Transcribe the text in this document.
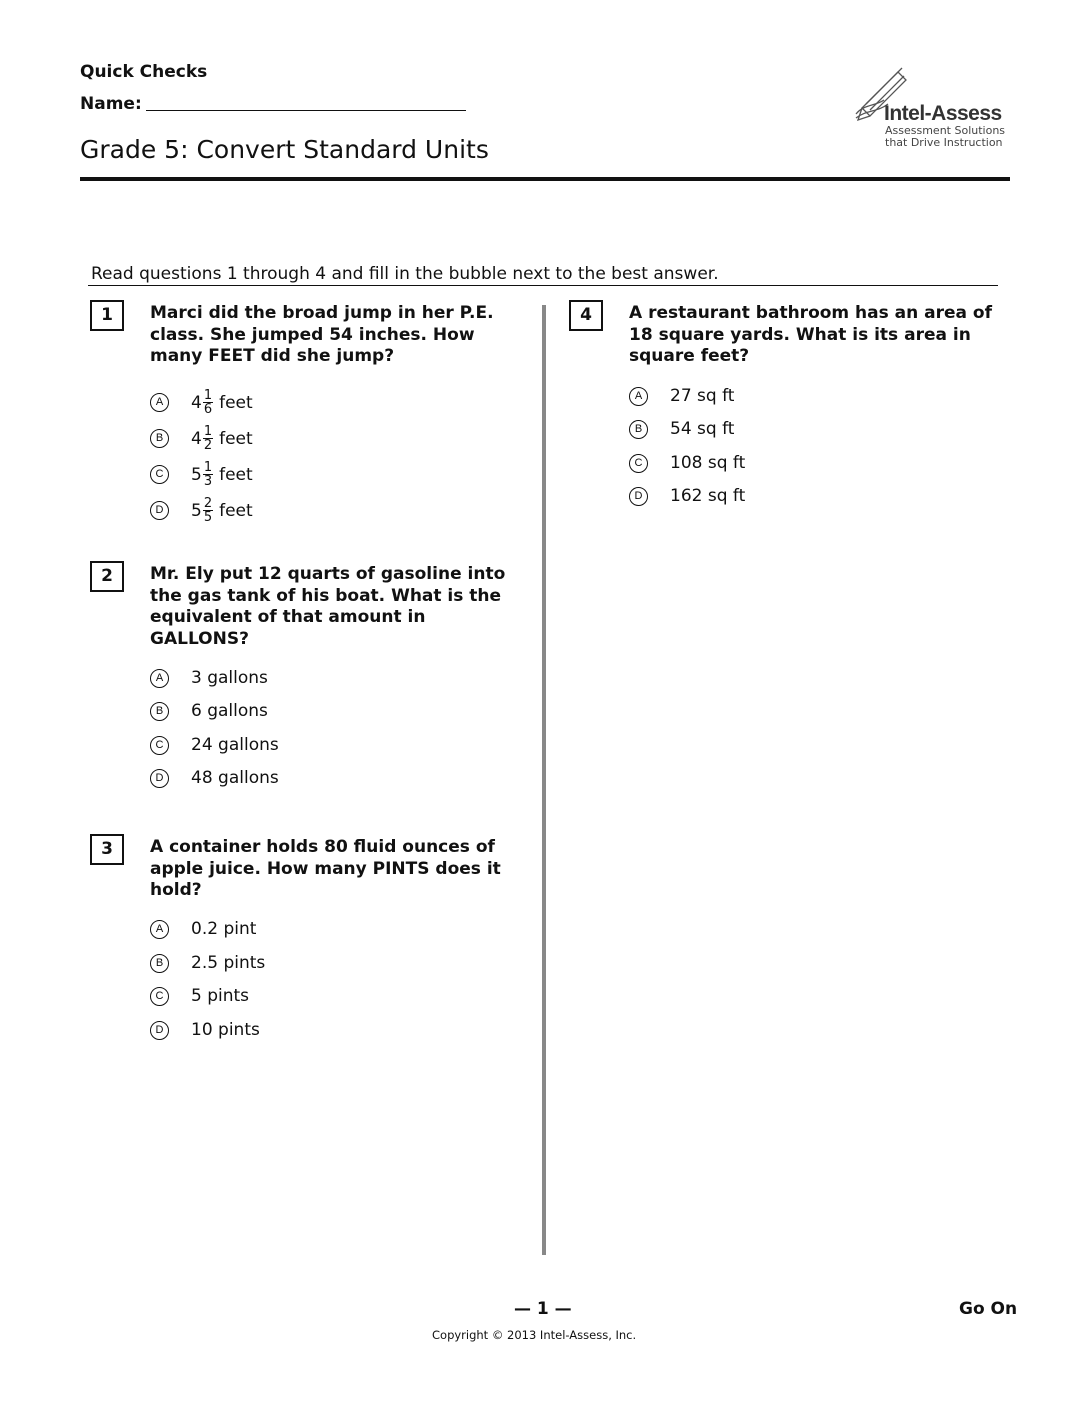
Quick Checks
Name:
Grade 5: Convert Standard Units
Intel-Assess
Assessment Solutions
that Drive Instruction
Read questions 1 through 4 and fill in the bubble next to the best answer.
1	Marci did the broad jump in her P.E. class. She jumped 54 inches. How many FEET did she jump?
A	$4 \frac{1}{6}$ feet
B	$4 \frac{1}{2}$ feet
C	$5 \frac{1}{3}$ feet
D	$5 \frac{2}{5}$ feet
2	Mr. Ely put 12 quarts of gasoline into the gas tank of his boat. What is the equivalent of that amount in GALLONS?
A	3 gallons
B	6 gallons
C	24 gallons
D	48 gallons
3	A container holds 80 fluid ounces of apple juice. How many PINTS does it hold?
A	0.2 pint
B	2.5 pints
C	5 pints
D	10 pints
4	A restaurant bathroom has an area of 18 square yards. What is its area in square feet?
A	27 sq ft
B	54 sq ft
C	108 sq ft
D	162 sq ft
— 1 —	Go On
Copyright © 2013 Intel-Assess, Inc.
